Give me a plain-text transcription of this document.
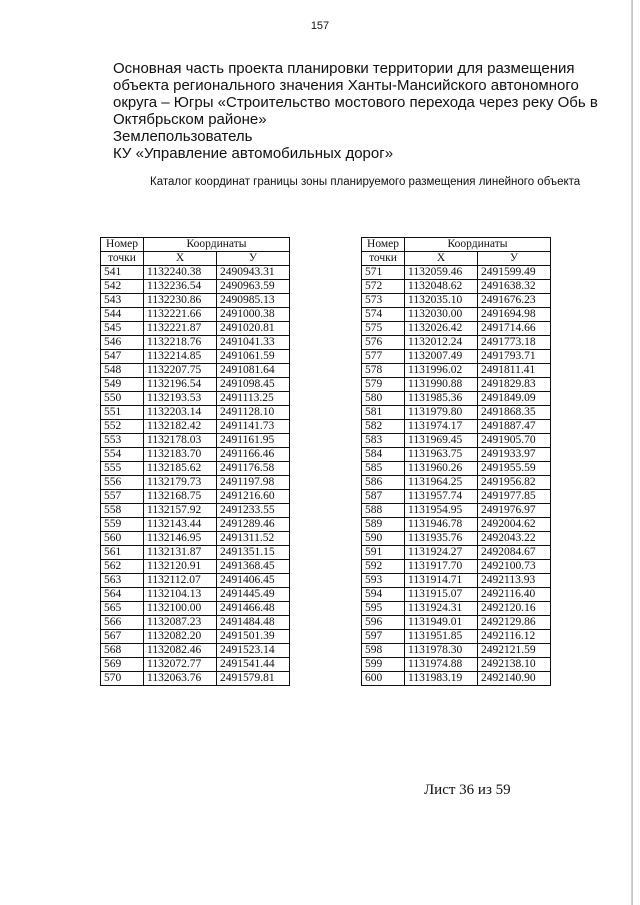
157
Основная часть проекта планировки территории для размещения
объекта регионального значения Ханты-Мансийского автономного
округа – Югры «Строительство мостового перехода через реку Обь в
Октябрьском районе»
Землепользователь
КУ «Управление автомобильных дорог»
Каталог координат границы зоны планируемого размещения линейного объекта
Номер	Координаты	
точки	X	У
541	1132240.38	2490943.31
542	1132236.54	2490963.59
543	1132230.86	2490985.13
544	1132221.66	2491000.38
545	1132221.87	2491020.81
546	1132218.76	2491041.33
547	1132214.85	2491061.59
548	1132207.75	2491081.64
549	1132196.54	2491098.45
550	1132193.53	2491113.25
551	1132203.14	2491128.10
552	1132182.42	2491141.73
553	1132178.03	2491161.95
554	1132183.70	2491166.46
555	1132185.62	2491176.58
556	1132179.73	2491197.98
557	1132168.75	2491216.60
558	1132157.92	2491233.55
559	1132143.44	2491289.46
560	1132146.95	2491311.52
561	1132131.87	2491351.15
562	1132120.91	2491368.45
563	1132112.07	2491406.45
564	1132104.13	2491445.49
565	1132100.00	2491466.48
566	1132087.23	2491484.48
567	1132082.20	2491501.39
568	1132082.46	2491523.14
569	1132072.77	2491541.44
570	1132063.76	2491579.81
Номер	Координаты	
точки	X	У
571	1132059.46	2491599.49
572	1132048.62	2491638.32
573	1132035.10	2491676.23
574	1132030.00	2491694.98
575	1132026.42	2491714.66
576	1132012.24	2491773.18
577	1132007.49	2491793.71
578	1131996.02	2491811.41
579	1131990.88	2491829.83
580	1131985.36	2491849.09
581	1131979.80	2491868.35
582	1131974.17	2491887.47
583	1131969.45	2491905.70
584	1131963.75	2491933.97
585	1131960.26	2491955.59
586	1131964.25	2491956.82
587	1131957.74	2491977.85
588	1131954.95	2491976.97
589	1131946.78	2492004.62
590	1131935.76	2492043.22
591	1131924.27	2492084.67
592	1131917.70	2492100.73
593	1131914.71	2492113.93
594	1131915.07	2492116.40
595	1131924.31	2492120.16
596	1131949.01	2492129.86
597	1131951.85	2492116.12
598	1131978.30	2492121.59
599	1131974.88	2492138.10
600	1131983.19	2492140.90
Лист 36 из 59
